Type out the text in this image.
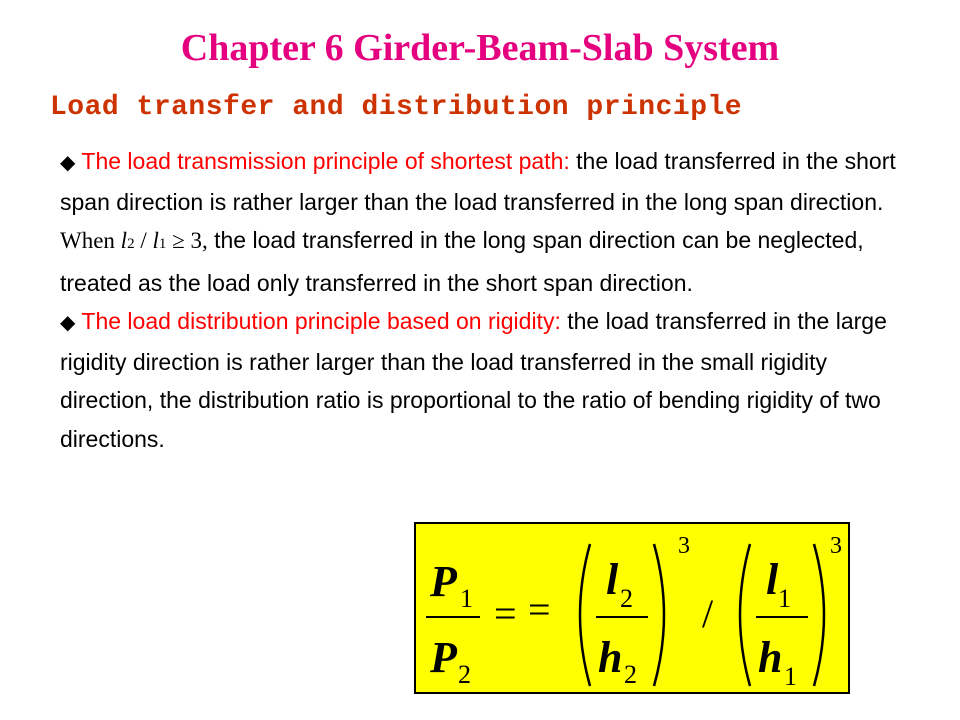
Chapter 6 Girder-Beam-Slab System
Load transfer and distribution principle

◆ The load transmission principle of shortest path: the load transferred in the short span direction is rather larger than the load transferred in the long span direction. When l2 / l1 ≥ 3, the load transferred in the long span direction can be neglected, treated as the load only transferred in the short span direction.

◆ The load distribution principle based on rigidity: the load transferred in the large rigidity direction is rather larger than the load transferred in the small rigidity direction, the distribution ratio is proportional to the ratio of bending rigidity of two directions.

P 1
P 2
= =
l 2
h 2
3
/
l 1
h 1
3
